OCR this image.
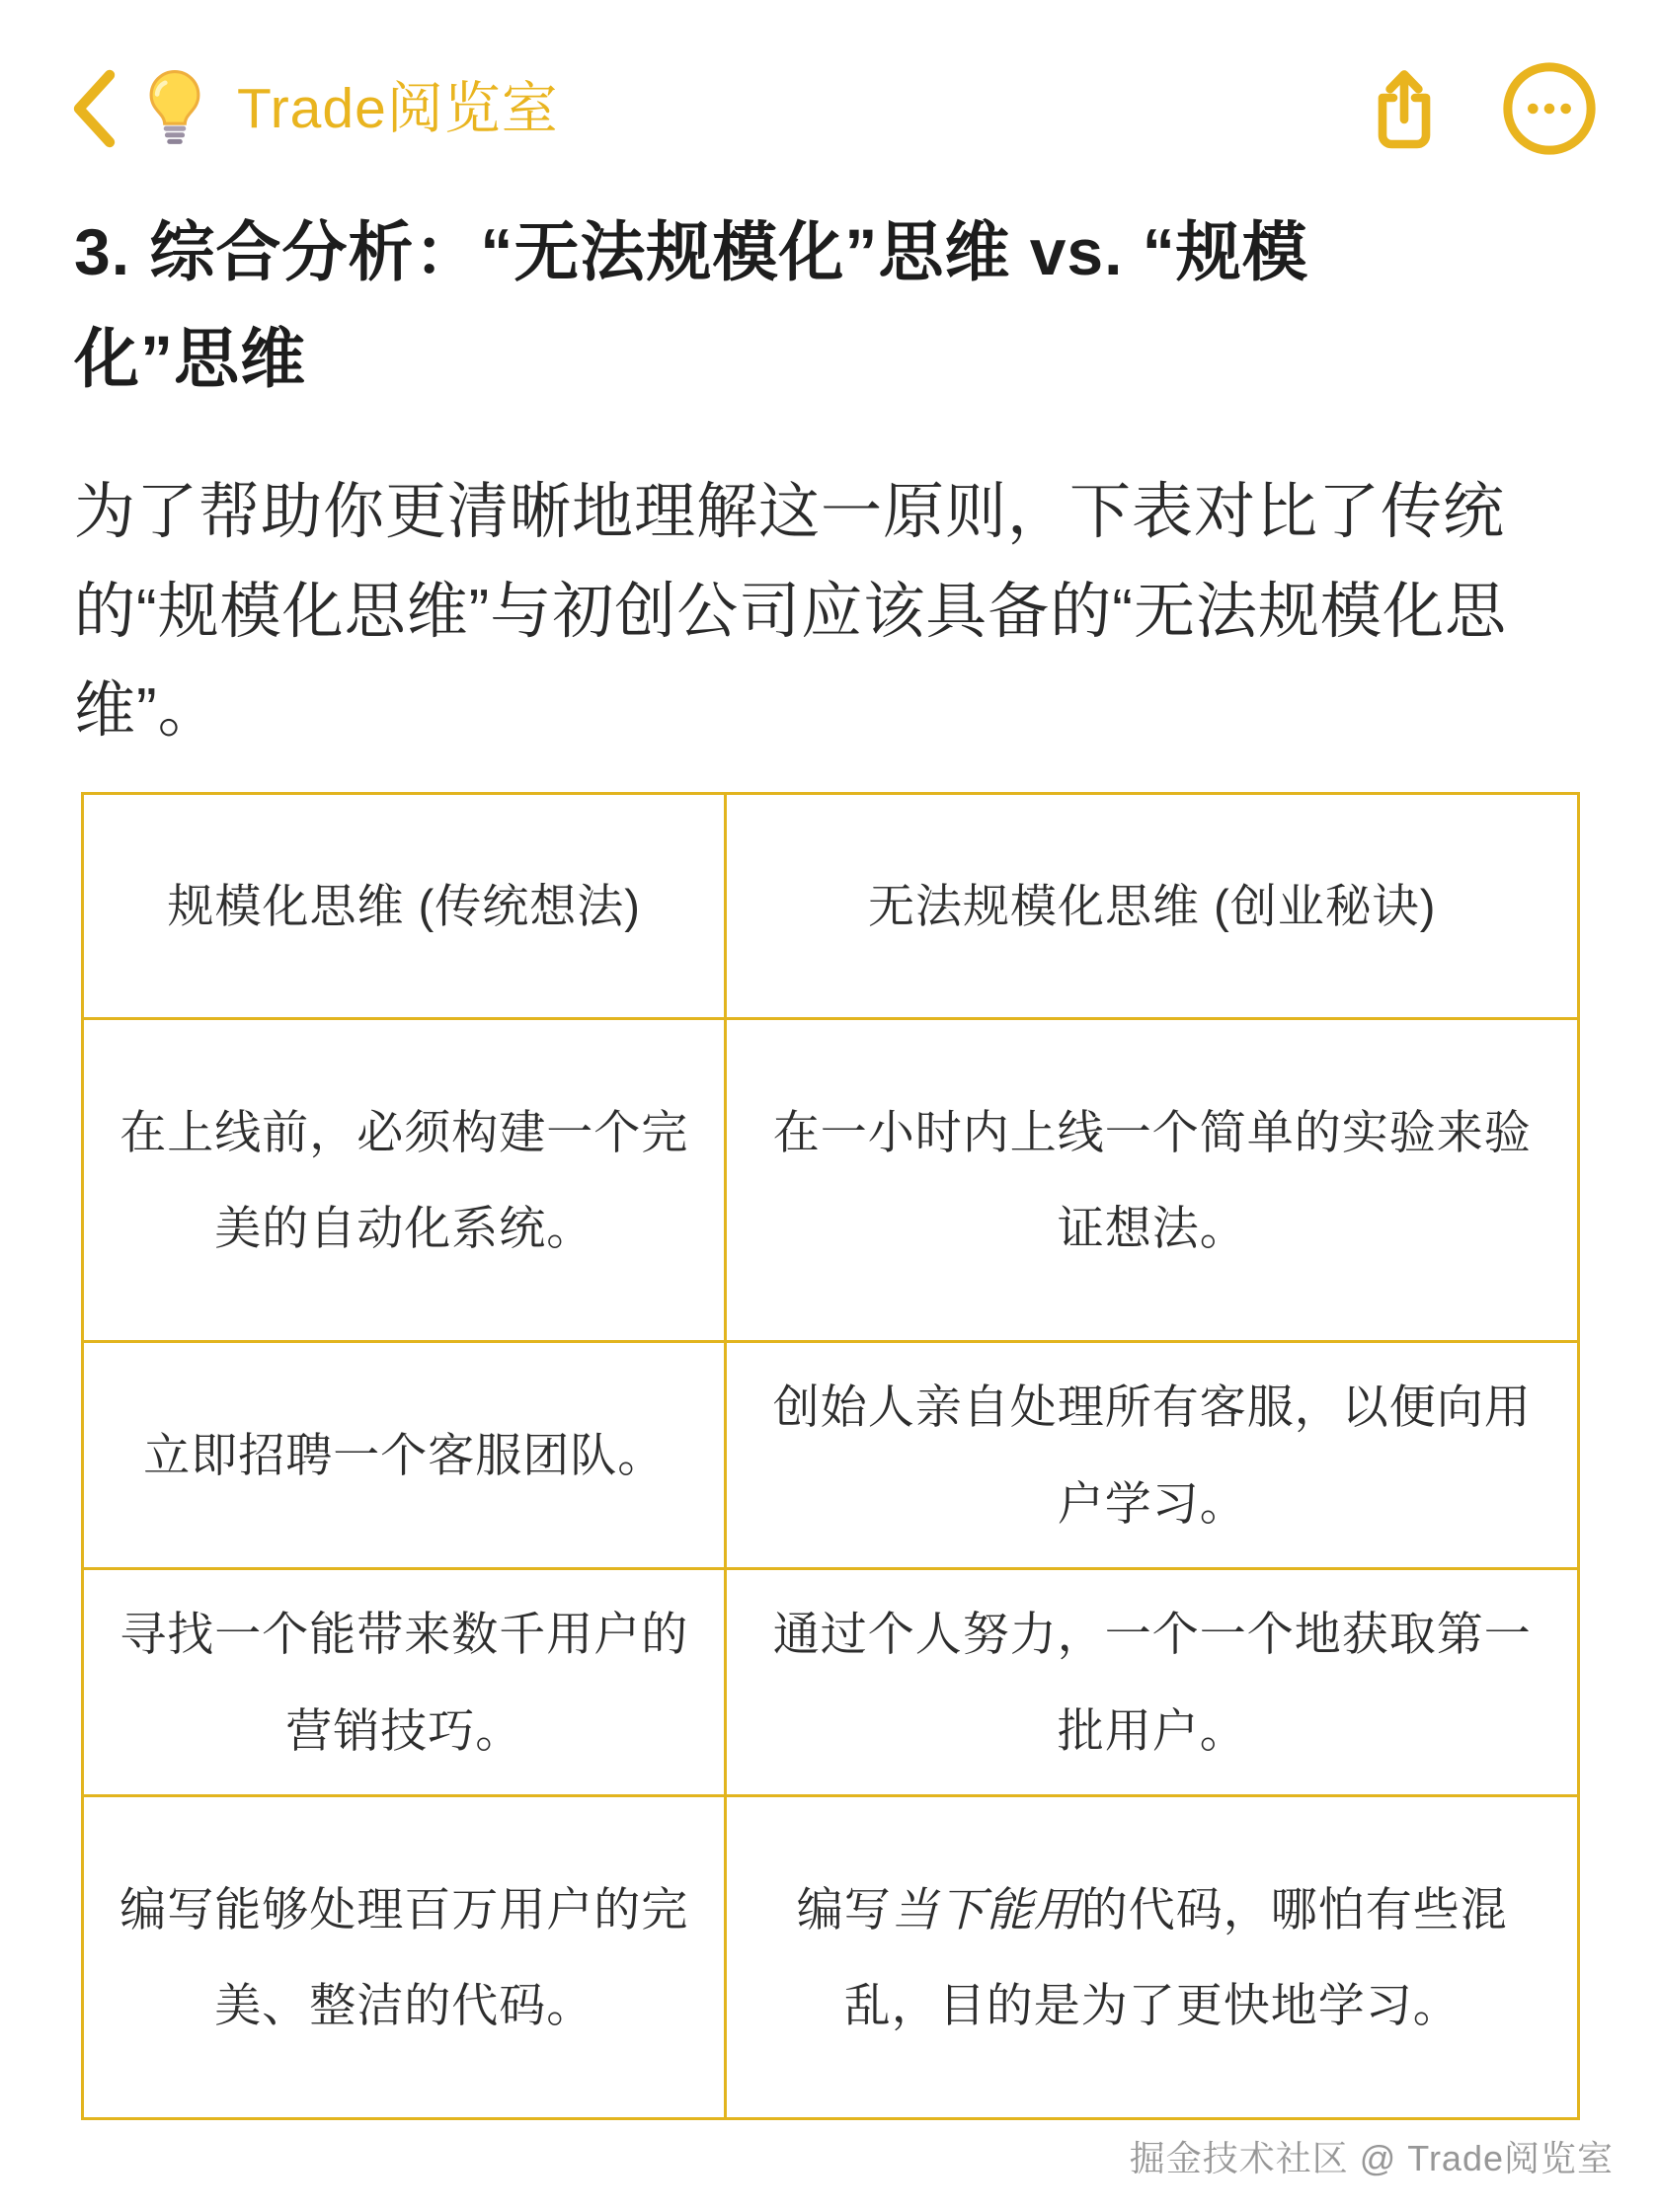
Trade阅览室
3. 综合分析：“无法规模化”思维 vs. “规模化”思维

为了帮助你更清晰地理解这一原则，下表对比了传统的“规模化思维”与初创公司应该具备的“无法规模化思维”。

规模化思维 (传统想法)	无法规模化思维 (创业秘诀)
在上线前，必须构建一个完美的自动化系统。	在一小时内上线一个简单的实验来验证想法。
立即招聘一个客服团队。	创始人亲自处理所有客服，以便向用户学习。
寻找一个能带来数千用户的营销技巧。	通过个人努力，一个一个地获取第一批用户。
编写能够处理百万用户的完美、整洁的代码。	编写当下能用的代码，哪怕有些混乱，目的是为了更快地学习。
掘金技术社区 @ Trade阅览室
